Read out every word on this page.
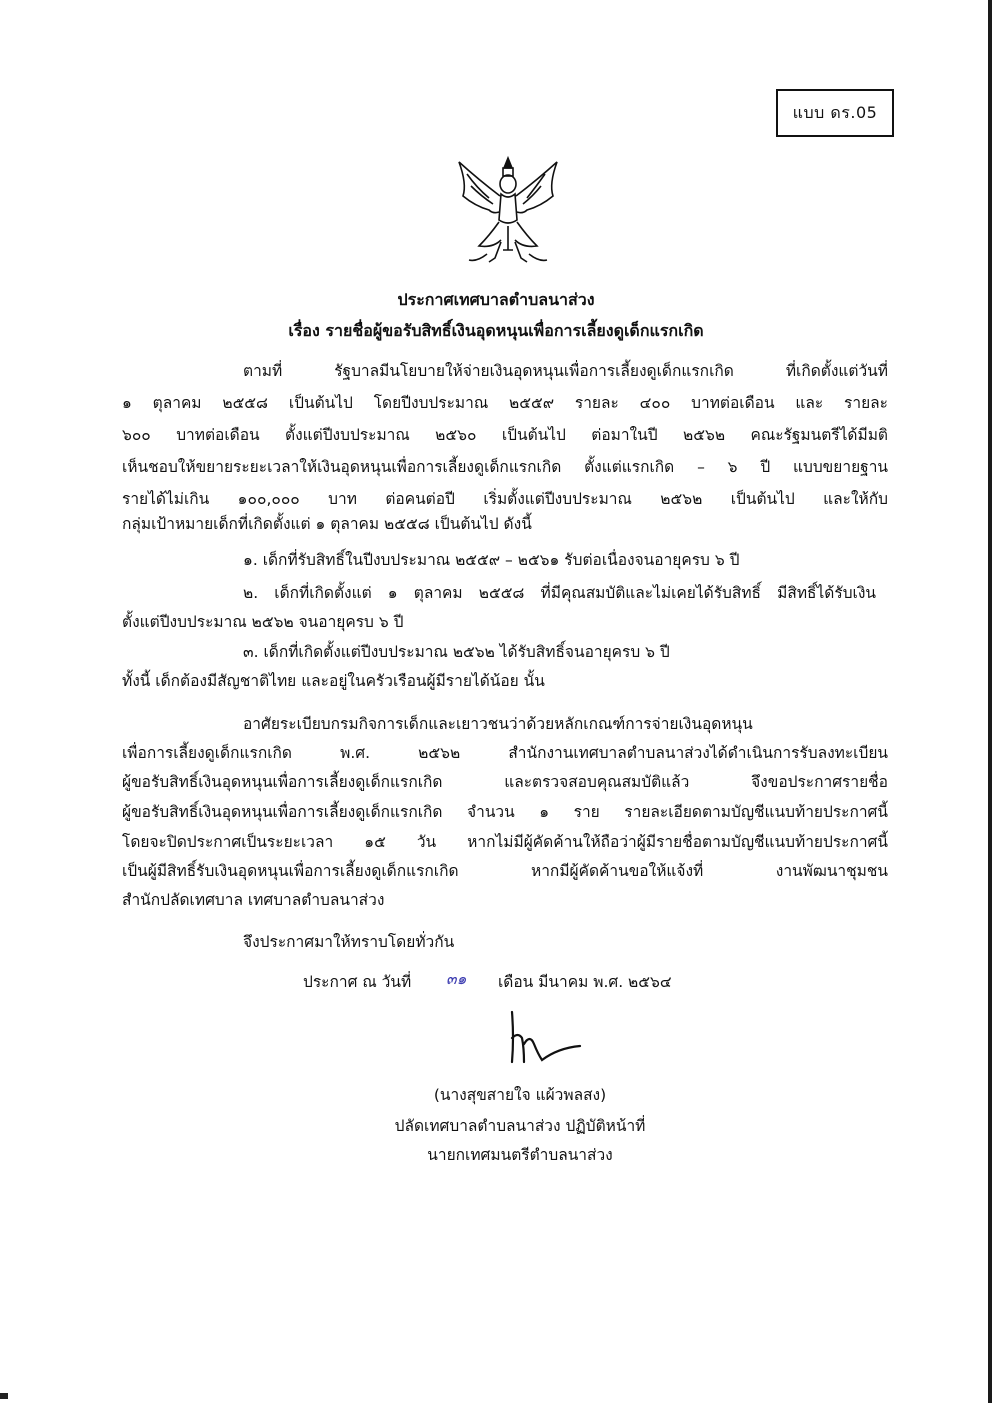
แบบ ดร.05
ประกาศเทศบาลตำบลนาส่วง
เรื่อง รายชื่อผู้ขอรับสิทธิ์เงินอุดหนุนเพื่อการเลี้ยงดูเด็กแรกเกิด
ตามที่ รัฐบาลมีนโยบายให้จ่ายเงินอุดหนุนเพื่อการเลี้ยงดูเด็กแรกเกิด ที่เกิดตั้งแต่วันที่
๑ ตุลาคม ๒๕๕๘ เป็นต้นไป โดยปีงบประมาณ ๒๕๕๙ รายละ ๔๐๐ บาทต่อเดือน และ รายละ
๖๐๐ บาทต่อเดือน ตั้งแต่ปีงบประมาณ ๒๕๖๐ เป็นต้นไป ต่อมาในปี ๒๕๖๒ คณะรัฐมนตรีได้มีมติ
เห็นชอบให้ขยายระยะเวลาให้เงินอุดหนุนเพื่อการเลี้ยงดูเด็กแรกเกิด ตั้งแต่แรกเกิด – ๖ ปี แบบขยายฐาน
รายได้ไม่เกิน ๑๐๐,๐๐๐ บาท ต่อคนต่อปี เริ่มตั้งแต่ปีงบประมาณ ๒๕๖๒ เป็นต้นไป และให้กับ
กลุ่มเป้าหมายเด็กที่เกิดตั้งแต่ ๑ ตุลาคม ๒๕๕๘ เป็นต้นไป ดังนี้
๑. เด็กที่รับสิทธิ์ในปีงบประมาณ ๒๕๕๙ – ๒๕๖๑ รับต่อเนื่องจนอายุครบ ๖ ปี
๒. เด็กที่เกิดตั้งแต่ ๑ ตุลาคม ๒๕๕๘ ที่มีคุณสมบัติและไม่เคยได้รับสิทธิ์ มีสิทธิ์ได้รับเงิน
ตั้งแต่ปีงบประมาณ ๒๕๖๒ จนอายุครบ ๖ ปี
๓. เด็กที่เกิดตั้งแต่ปีงบประมาณ ๒๕๖๒ ได้รับสิทธิ์จนอายุครบ ๖ ปี
ทั้งนี้ เด็กต้องมีสัญชาติไทย และอยู่ในครัวเรือนผู้มีรายได้น้อย นั้น
อาศัยระเบียบกรมกิจการเด็กและเยาวชนว่าด้วยหลักเกณฑ์การจ่ายเงินอุดหนุน
เพื่อการเลี้ยงดูเด็กแรกเกิด พ.ศ. ๒๕๖๒ สำนักงานเทศบาลตำบลนาส่วงได้ดำเนินการรับลงทะเบียน
ผู้ขอรับสิทธิ์เงินอุดหนุนเพื่อการเลี้ยงดูเด็กแรกเกิด และตรวจสอบคุณสมบัติแล้ว จึงขอประกาศรายชื่อ
ผู้ขอรับสิทธิ์เงินอุดหนุนเพื่อการเลี้ยงดูเด็กแรกเกิด จำนวน ๑ ราย รายละเอียดตามบัญชีแนบท้ายประกาศนี้
โดยจะปิดประกาศเป็นระยะเวลา ๑๕ วัน หากไม่มีผู้คัดค้านให้ถือว่าผู้มีรายชื่อตามบัญชีแนบท้ายประกาศนี้
เป็นผู้มีสิทธิ์รับเงินอุดหนุนเพื่อการเลี้ยงดูเด็กแรกเกิด หากมีผู้คัดค้านขอให้แจ้งที่ งานพัฒนาชุมชน
สำนักปลัดเทศบาล เทศบาลตำบลนาส่วง
จึงประกาศมาให้ทราบโดยทั่วกัน
ประกาศ ณ วันที่ ๓๑ เดือน มีนาคม พ.ศ. ๒๕๖๔
(นางสุขสายใจ แผ้วพลสง)
ปลัดเทศบาลตำบลนาส่วง ปฏิบัติหน้าที่
นายกเทศมนตรีตำบลนาส่วง
